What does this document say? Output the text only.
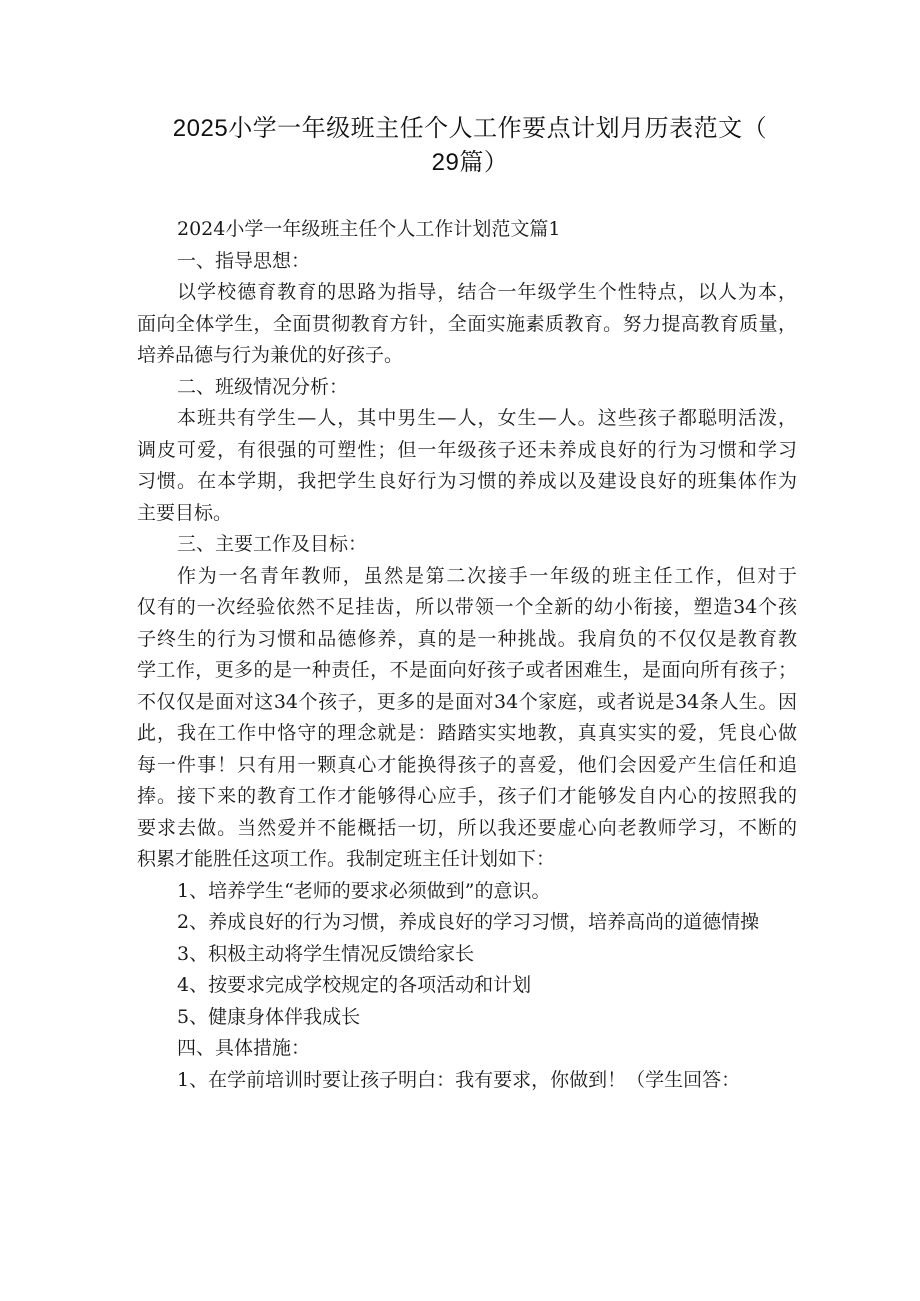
2025小学一年级班主任个人工作要点计划月历表范文（
29篇）

2024小学一年级班主任个人工作计划范文篇1

一、指导思想：

以学校德育教育的思路为指导，结合一年级学生个性特点，以人为本，
面向全体学生，全面贯彻教育方针，全面实施素质教育。努力提高教育质量，
培养品德与行为兼优的好孩子。

二、班级情况分析：

本班共有学生—人，其中男生—人，女生—人。这些孩子都聪明活泼，
调皮可爱，有很强的可塑性；但一年级孩子还未养成良好的行为习惯和学习
习惯。在本学期，我把学生良好行为习惯的养成以及建设良好的班集体作为
主要目标。

三、主要工作及目标：

作为一名青年教师，虽然是第二次接手一年级的班主任工作，但对于
仅有的一次经验依然不足挂齿，所以带领一个全新的幼小衔接，塑造34个孩
子终生的行为习惯和品德修养，真的是一种挑战。我肩负的不仅仅是教育教
学工作，更多的是一种责任，不是面向好孩子或者困难生，是面向所有孩子；
不仅仅是面对这34个孩子，更多的是面对34个家庭，或者说是34条人生。因
此，我在工作中恪守的理念就是：踏踏实实地教，真真实实的爱，凭良心做
每一件事！只有用一颗真心才能换得孩子的喜爱，他们会因爱产生信任和追
捧。接下来的教育工作才能够得心应手，孩子们才能够发自内心的按照我的
要求去做。当然爱并不能概括一切，所以我还要虚心向老教师学习，不断的
积累才能胜任这项工作。我制定班主任计划如下：
1、培养学生“老师的要求必须做到”的意识。
2、养成良好的行为习惯，养成良好的学习习惯，培养高尚的道德情操
3、积极主动将学生情况反馈给家长
4、按要求完成学校规定的各项活动和计划
5、健康身体伴我成长

四、具体措施：

1、在学前培训时要让孩子明白：我有要求，你做到！（学生回答：
